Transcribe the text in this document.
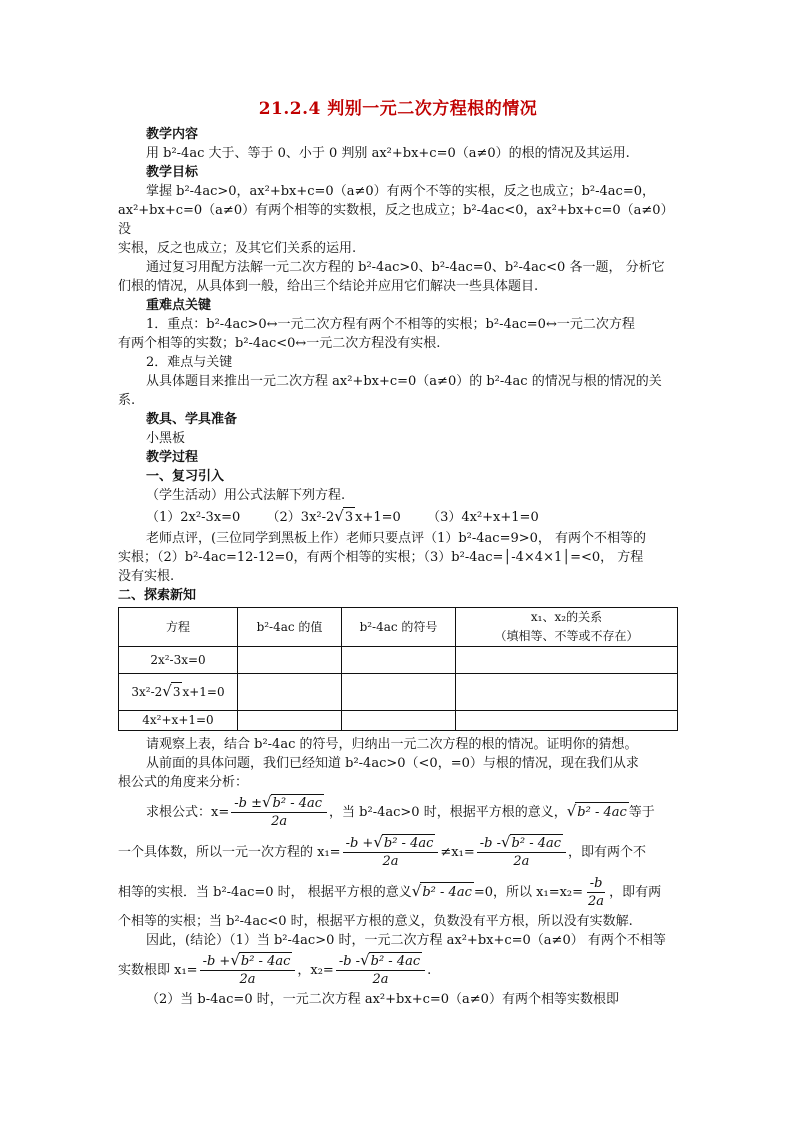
21.2.4 判别一元二次方程根的情况
教学内容

用 b²-4ac 大于、等于 0、小于 0 判别 ax²+bx+c=0（a≠0）的根的情况及其运用.

教学目标

掌握 b²-4ac>0，ax²+bx+c=0（a≠0）有两个不等的实根，反之也成立；b²-4ac=0，

ax²+bx+c=0（a≠0）有两个相等的实数根，反之也成立；b²-4ac<0，ax²+bx+c=0（a≠0）没

实根，反之也成立；及其它们关系的运用.

通过复习用配方法解一元二次方程的 b²-4ac>0、b²-4ac=0、b²-4ac<0 各一题， 分析它

们根的情况，从具体到一般，给出三个结论并应用它们解决一些具体题目.

重难点关键

1．重点：b²-4ac>0↔一元二次方程有两个不相等的实根；b²-4ac=0↔一元二次方程

有两个相等的实数；b²-4ac<0↔一元二次方程没有实根.

2．难点与关键

从具体题目来推出一元二次方程 ax²+bx+c=0（a≠0）的 b²-4ac 的情况与根的情况的关

系.

教具、学具准备

小黑板

教学过程
一、复习引入

（学生活动）用公式法解下列方程.

（1）2x²-3x=0 （2）3x²-2√3 x+1=0 （3）4x²+x+1=0

老师点评，(三位同学到黑板上作）老师只要点评（1）b²-4ac=9>0， 有两个不相等的

实根；（2）b²-4ac=12-12=0，有两个相等的实根；（3）b²-4ac=│-4×4×1│=<0， 方程

没有实根.

二、探索新知
方程	b²-4ac 的值	b²-4ac 的符号	x₁、x₂的关系
（填相等、不等或不存在）

2x²-3x=0			
3x²-2√3 x+1=0			
4x²+x+1=0			

请观察上表，结合 b²-4ac 的符号，归纳出一元二次方程的根的情况。证明你的猜想。

从前面的具体问题，我们已经知道 b²-4ac>0（<0，=0）与根的情况，现在我们从求

根公式的角度来分析：

求根公式：$x= \frac{\text{-b ±√b² - 4ac}}{2a}$ ，当 b²-4ac>0 时，根据平方根的意义， √b² - 4ac 等于
一个具体数，所以一元一次方程的 $x_1= \frac{\text{-b +√b² - 4ac}}{2a} \ne x_1= \frac{\text{-b -√b² - 4ac}}{2a}$ ，即有两个不
相等的实根．当 b²-4ac=0 时， 根据平方根的意义 √b² - 4ac =0，所以 $x_1=x_2= \frac{-b}{2a}$ ，即有两

个相等的实根；当 b²-4ac<0 时，根据平方根的意义，负数没有平方根，所以没有实数解.

因此，(结论）（1）当 b²-4ac>0 时，一元二次方程 ax²+bx+c=0（a≠0） 有两个不相等

实数根即 $x_1= \frac{\text{-b +√b² - 4ac}}{2a}$ ，$x_2= \frac{\text{-b -√b² - 4ac}}{2a}$ .

（2）当 b-4ac=0 时，一元二次方程 ax²+bx+c=0（a≠0）有两个相等实数根即
